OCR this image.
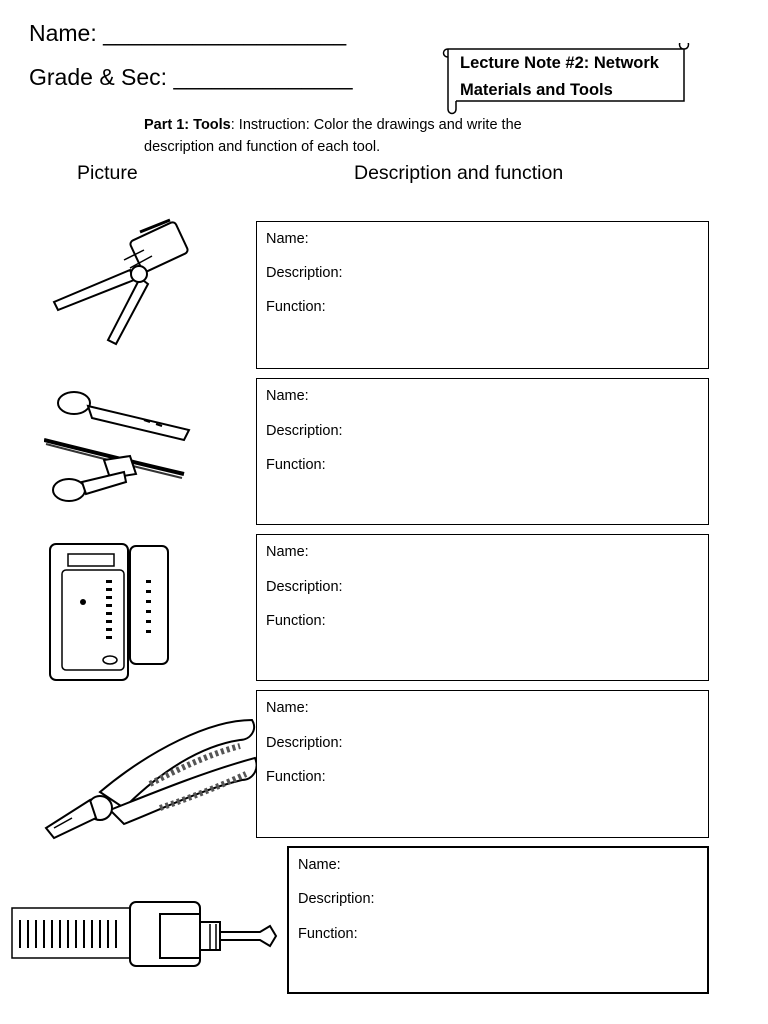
Name: ___________________
Grade & Sec: ______________
Lecture Note #2: Network Materials and Tools
Part 1: Tools: Instruction: Color the drawings and write the description and function of each tool.
Picture	Description and function
Name:
Description:
Function:
Name:
Description:
Function:
Name:
Description:
Function:
Name:
Description:
Function:
Name:
Description:
Function:
